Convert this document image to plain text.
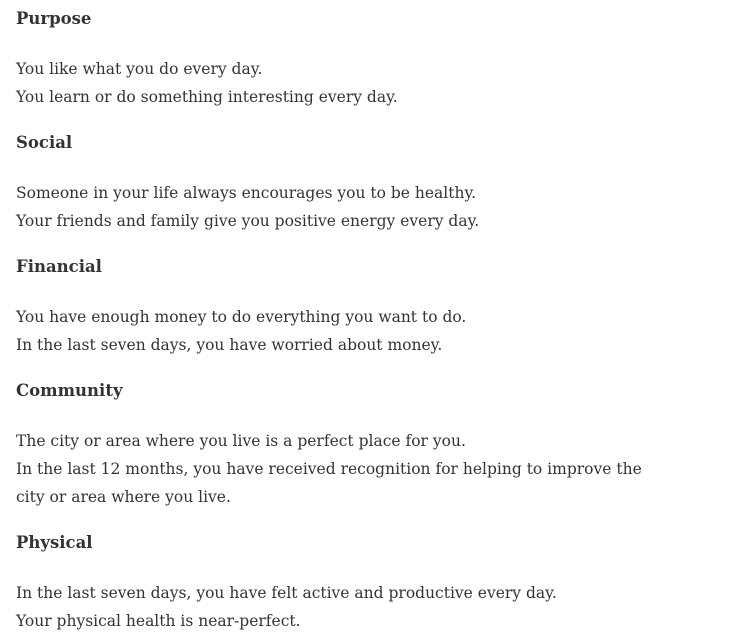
Purpose

You like what you do every day.

You learn or do something interesting every day.

Social

Someone in your life always encourages you to be healthy.

Your friends and family give you positive energy every day.

Financial

You have enough money to do everything you want to do.

In the last seven days, you have worried about money.

Community

The city or area where you live is a perfect place for you.

In the last 12 months, you have received recognition for helping to improve the city or area where you live.

Physical

In the last seven days, you have felt active and productive every day.

Your physical health is near-perfect.
